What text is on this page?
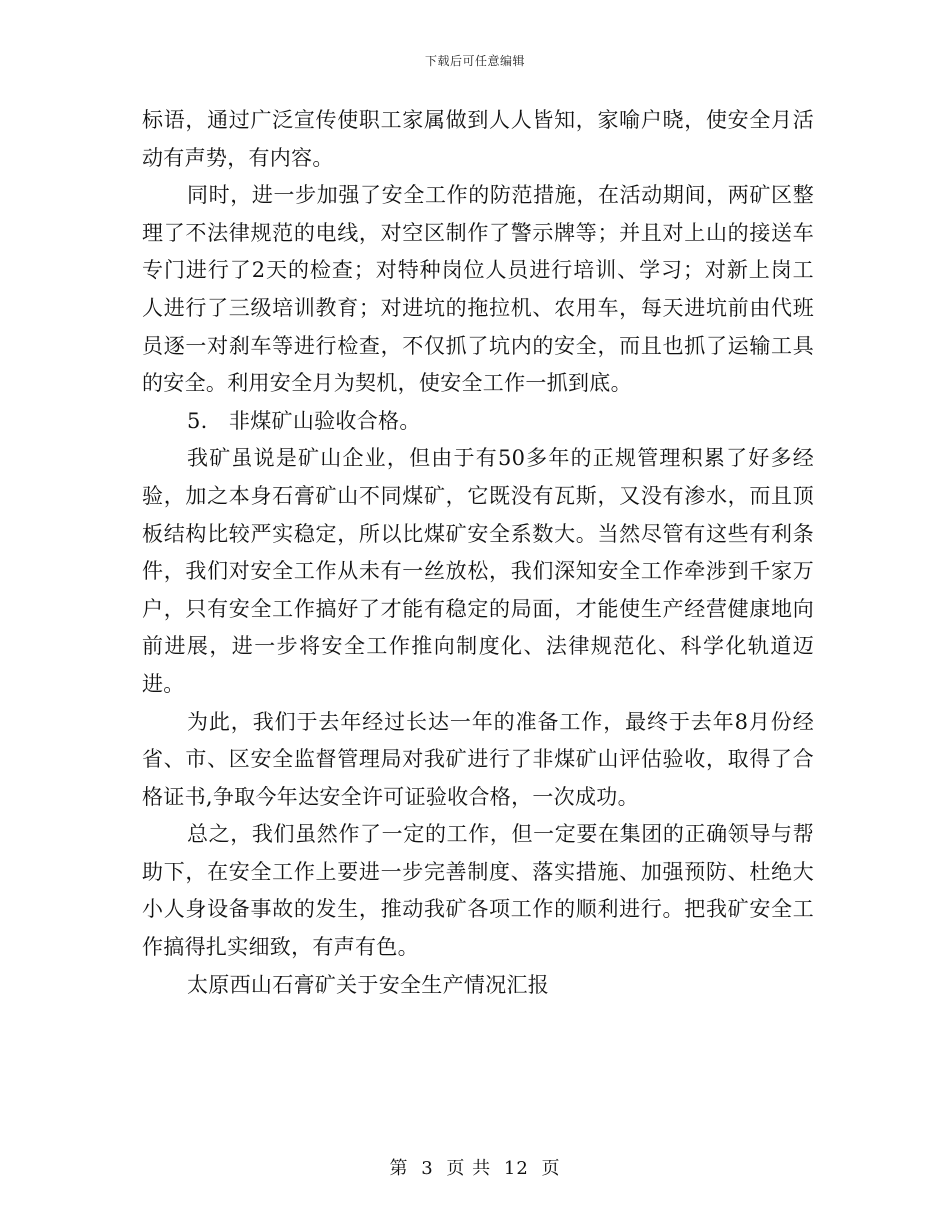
下载后可任意编辑

标语，通过广泛宣传使职工家属做到人人皆知，家喻户晓，使安全月活动有声势，有内容。

同时，进一步加强了安全工作的防范措施，在活动期间，两矿区整理了不法律规范的电线，对空区制作了警示牌等；并且对上山的接送车专门进行了2天的检查；对特种岗位人员进行培训、学习；对新上岗工人进行了三级培训教育；对进坑的拖拉机、农用车，每天进坑前由代班员逐一对刹车等进行检查，不仅抓了坑内的安全，而且也抓了运输工具的安全。利用安全月为契机，使安全工作一抓到底。

5.　非煤矿山验收合格。

我矿虽说是矿山企业，但由于有50多年的正规管理积累了好多经验，加之本身石膏矿山不同煤矿，它既没有瓦斯，又没有渗水，而且顶板结构比较严实稳定，所以比煤矿安全系数大。当然尽管有这些有利条件，我们对安全工作从未有一丝放松，我们深知安全工作牵涉到千家万户，只有安全工作搞好了才能有稳定的局面，才能使生产经营健康地向前进展，进一步将安全工作推向制度化、法律规范化、科学化轨道迈进。

为此，我们于去年经过长达一年的准备工作，最终于去年8月份经省、市、区安全监督管理局对我矿进行了非煤矿山评估验收，取得了合格证书,争取今年达安全许可证验收合格，一次成功。

总之，我们虽然作了一定的工作，但一定要在集团的正确领导与帮助下，在安全工作上要进一步完善制度、落实措施、加强预防、杜绝大小人身设备事故的发生，推动我矿各项工作的顺利进行。把我矿安全工作搞得扎实细致，有声有色。

太原西山石膏矿关于安全生产情况汇报

第 3 页 共 12 页
